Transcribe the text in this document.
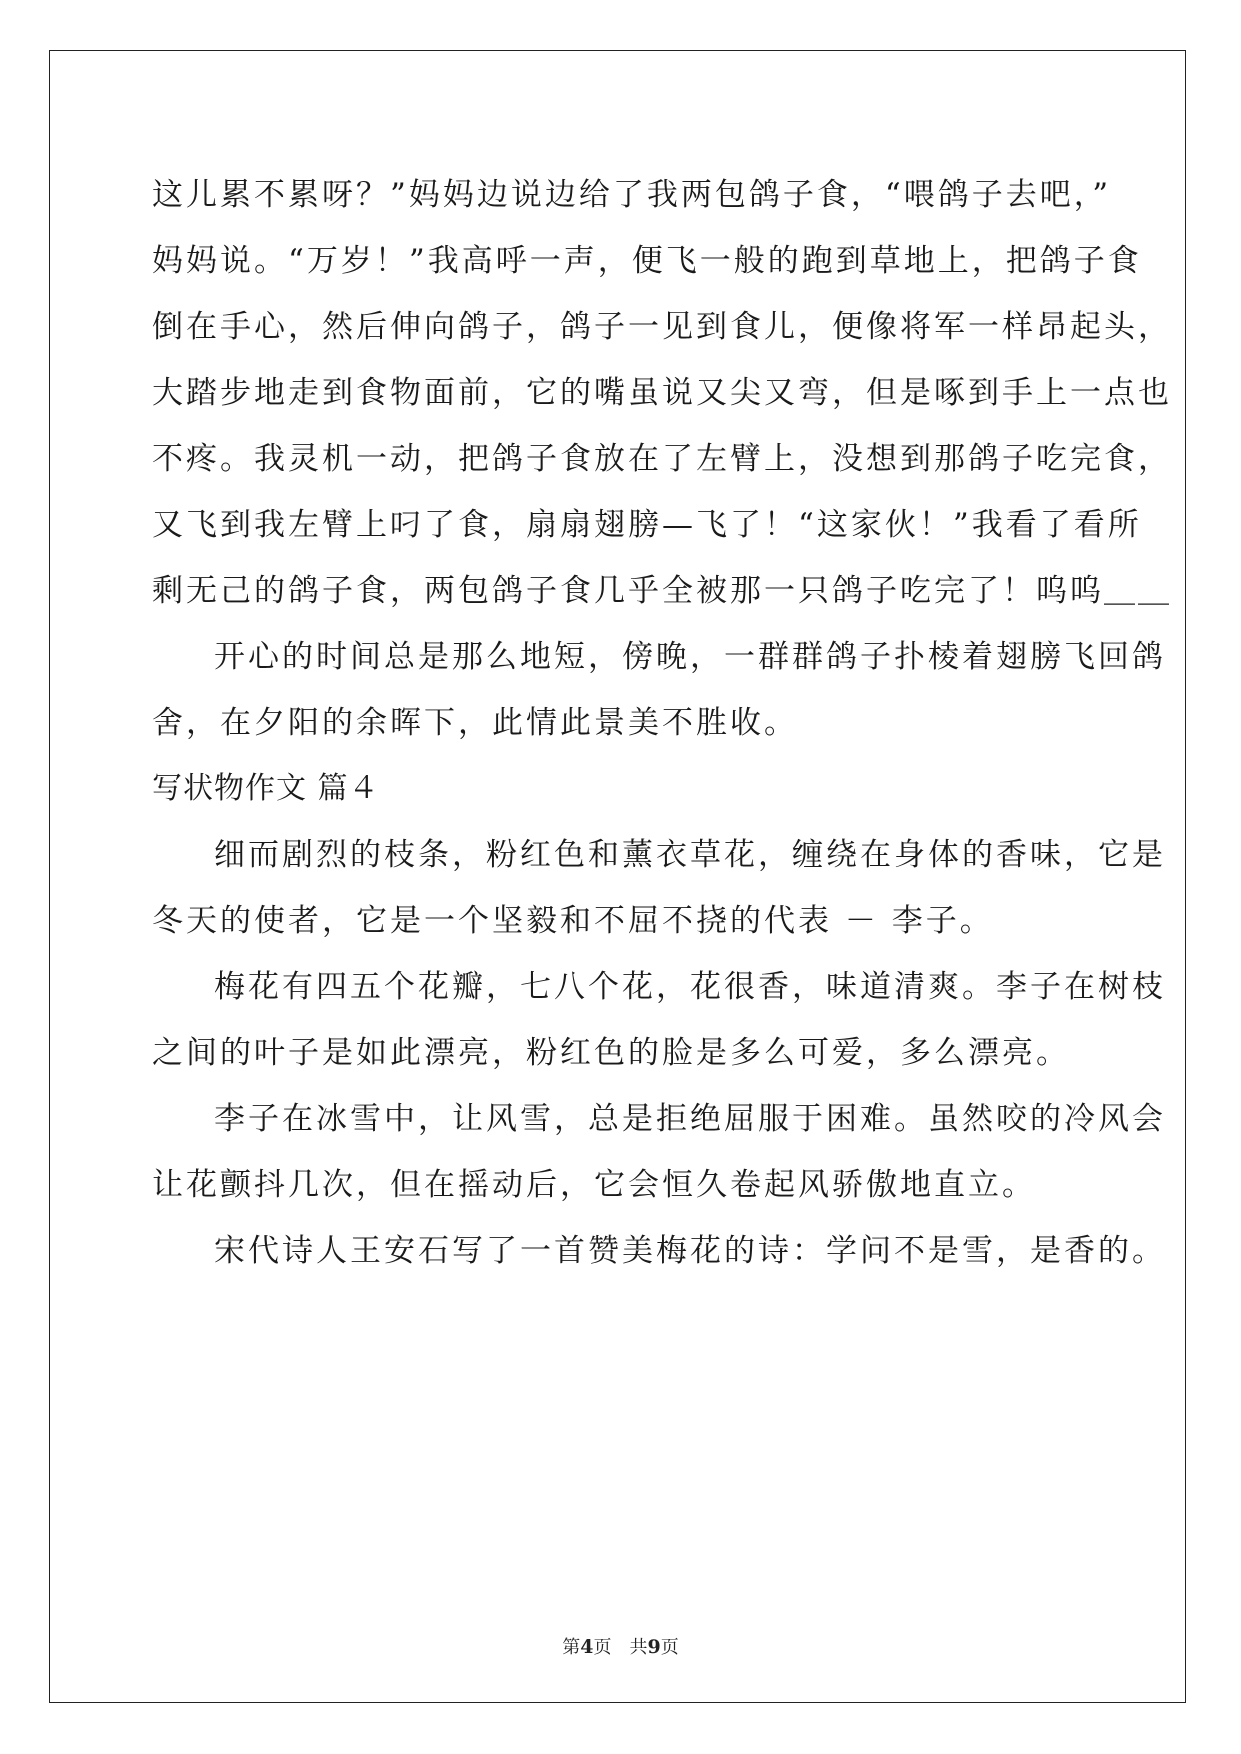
这儿累不累呀？”妈妈边说边给了我两包鸽子食，“喂鸽子去吧，”
妈妈说。“万岁！”我高呼一声，便飞一般的跑到草地上，把鸽子食
倒在手心，然后伸向鸽子，鸽子一见到食儿，便像将军一样昂起头，
大踏步地走到食物面前，它的嘴虽说又尖又弯，但是啄到手上一点也
不疼。我灵机一动，把鸽子食放在了左臂上，没想到那鸽子吃完食，
又飞到我左臂上叼了食，扇扇翅膀—飞了！“这家伙！”我看了看所
剩无己的鸽子食，两包鸽子食几乎全被那一只鸽子吃完了！呜呜＿＿
开心的时间总是那么地短，傍晚，一群群鸽子扑棱着翅膀飞回鸽
舍，在夕阳的余晖下，此情此景美不胜收。
写状物作文 篇４
细而剧烈的枝条，粉红色和薰衣草花，缠绕在身体的香味，它是
冬天的使者，它是一个坚毅和不屈不挠的代表 － 李子。
梅花有四五个花瓣，七八个花，花很香，味道清爽。李子在树枝
之间的叶子是如此漂亮，粉红色的脸是多么可爱，多么漂亮。
李子在冰雪中，让风雪，总是拒绝屈服于困难。虽然咬的冷风会
让花颤抖几次，但在摇动后，它会恒久卷起风骄傲地直立。
宋代诗人王安石写了一首赞美梅花的诗：学问不是雪，是香的。
第4页　共9页
